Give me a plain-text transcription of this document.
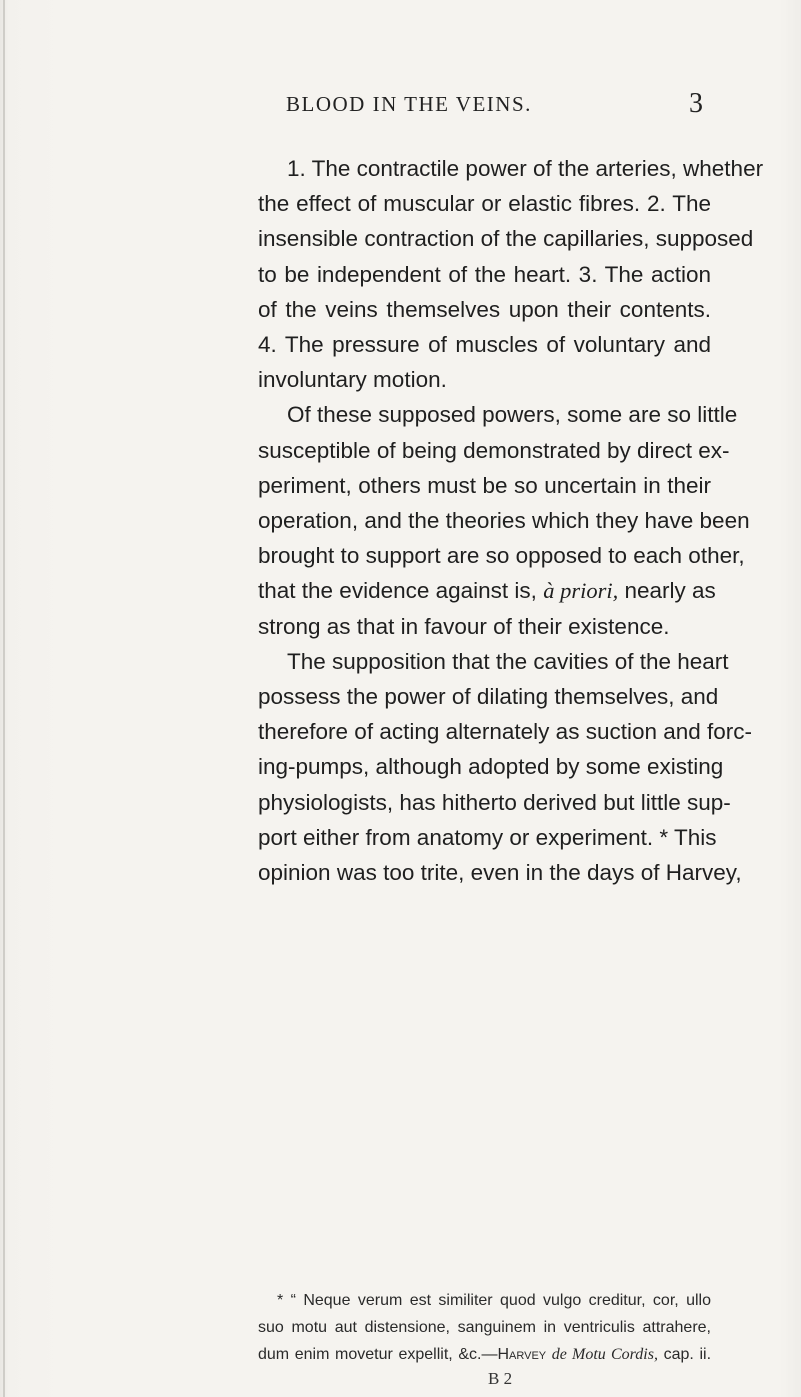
BLOOD IN THE VEINS.	3
1. The contractile power of the arteries, whether
the effect of muscular or elastic fibres. 2. The
insensible contraction of the capillaries, supposed
to be independent of the heart. 3. The action
of the veins themselves upon their contents.
4. The pressure of muscles of voluntary and
involuntary motion.
Of these supposed powers, some are so little
susceptible of being demonstrated by direct ex-
periment, others must be so uncertain in their
operation, and the theories which they have been
brought to support are so opposed to each other,
that the evidence against is, à priori, nearly as
strong as that in favour of their existence.
The supposition that the cavities of the heart
possess the power of dilating themselves, and
therefore of acting alternately as suction and forc-
ing-pumps, although adopted by some existing
physiologists, has hitherto derived but little sup-
port either from anatomy or experiment. * This
opinion was too trite, even in the days of Harvey,
* “ Neque verum est similiter quod vulgo creditur, cor, ullo
suo motu aut distensione, sanguinem in ventriculis attrahere,
dum enim movetur expellit, &c.—Harvey de Motu Cordis, cap. ii.
B 2
